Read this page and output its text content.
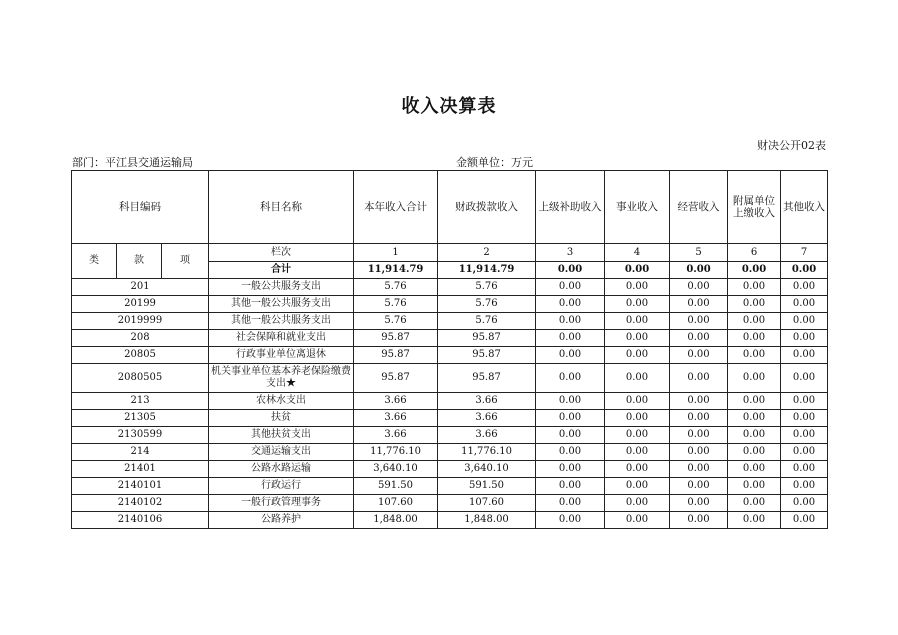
收入决算表
财决公开02表
部门：平江县交通运输局	金额单位：万元
科目编码			科目名称	本年收入合计	财政拨款收入	上级补助收入	事业收入	经营收入	附属单位上缴收入	其他收入
类	款	项	栏次	1	2	3	4	5	6	7
			合计	11,914.79	11,914.79	0.00	0.00	0.00	0.00	0.00
201			一般公共服务支出	5.76	5.76	0.00	0.00	0.00	0.00	0.00
20199			其他一般公共服务支出	5.76	5.76	0.00	0.00	0.00	0.00	0.00
2019999			其他一般公共服务支出	5.76	5.76	0.00	0.00	0.00	0.00	0.00
208			社会保障和就业支出	95.87	95.87	0.00	0.00	0.00	0.00	0.00
20805			行政事业单位离退休	95.87	95.87	0.00	0.00	0.00	0.00	0.00
2080505			机关事业单位基本养老保险缴费支出★	95.87	95.87	0.00	0.00	0.00	0.00	0.00
213			农林水支出	3.66	3.66	0.00	0.00	0.00	0.00	0.00
21305			扶贫	3.66	3.66	0.00	0.00	0.00	0.00	0.00
2130599			其他扶贫支出	3.66	3.66	0.00	0.00	0.00	0.00	0.00
214			交通运输支出	11,776.10	11,776.10	0.00	0.00	0.00	0.00	0.00
21401			公路水路运输	3,640.10	3,640.10	0.00	0.00	0.00	0.00	0.00
2140101			行政运行	591.50	591.50	0.00	0.00	0.00	0.00	0.00
2140102			一般行政管理事务	107.60	107.60	0.00	0.00	0.00	0.00	0.00
2140106			公路养护	1,848.00	1,848.00	0.00	0.00	0.00	0.00	0.00
